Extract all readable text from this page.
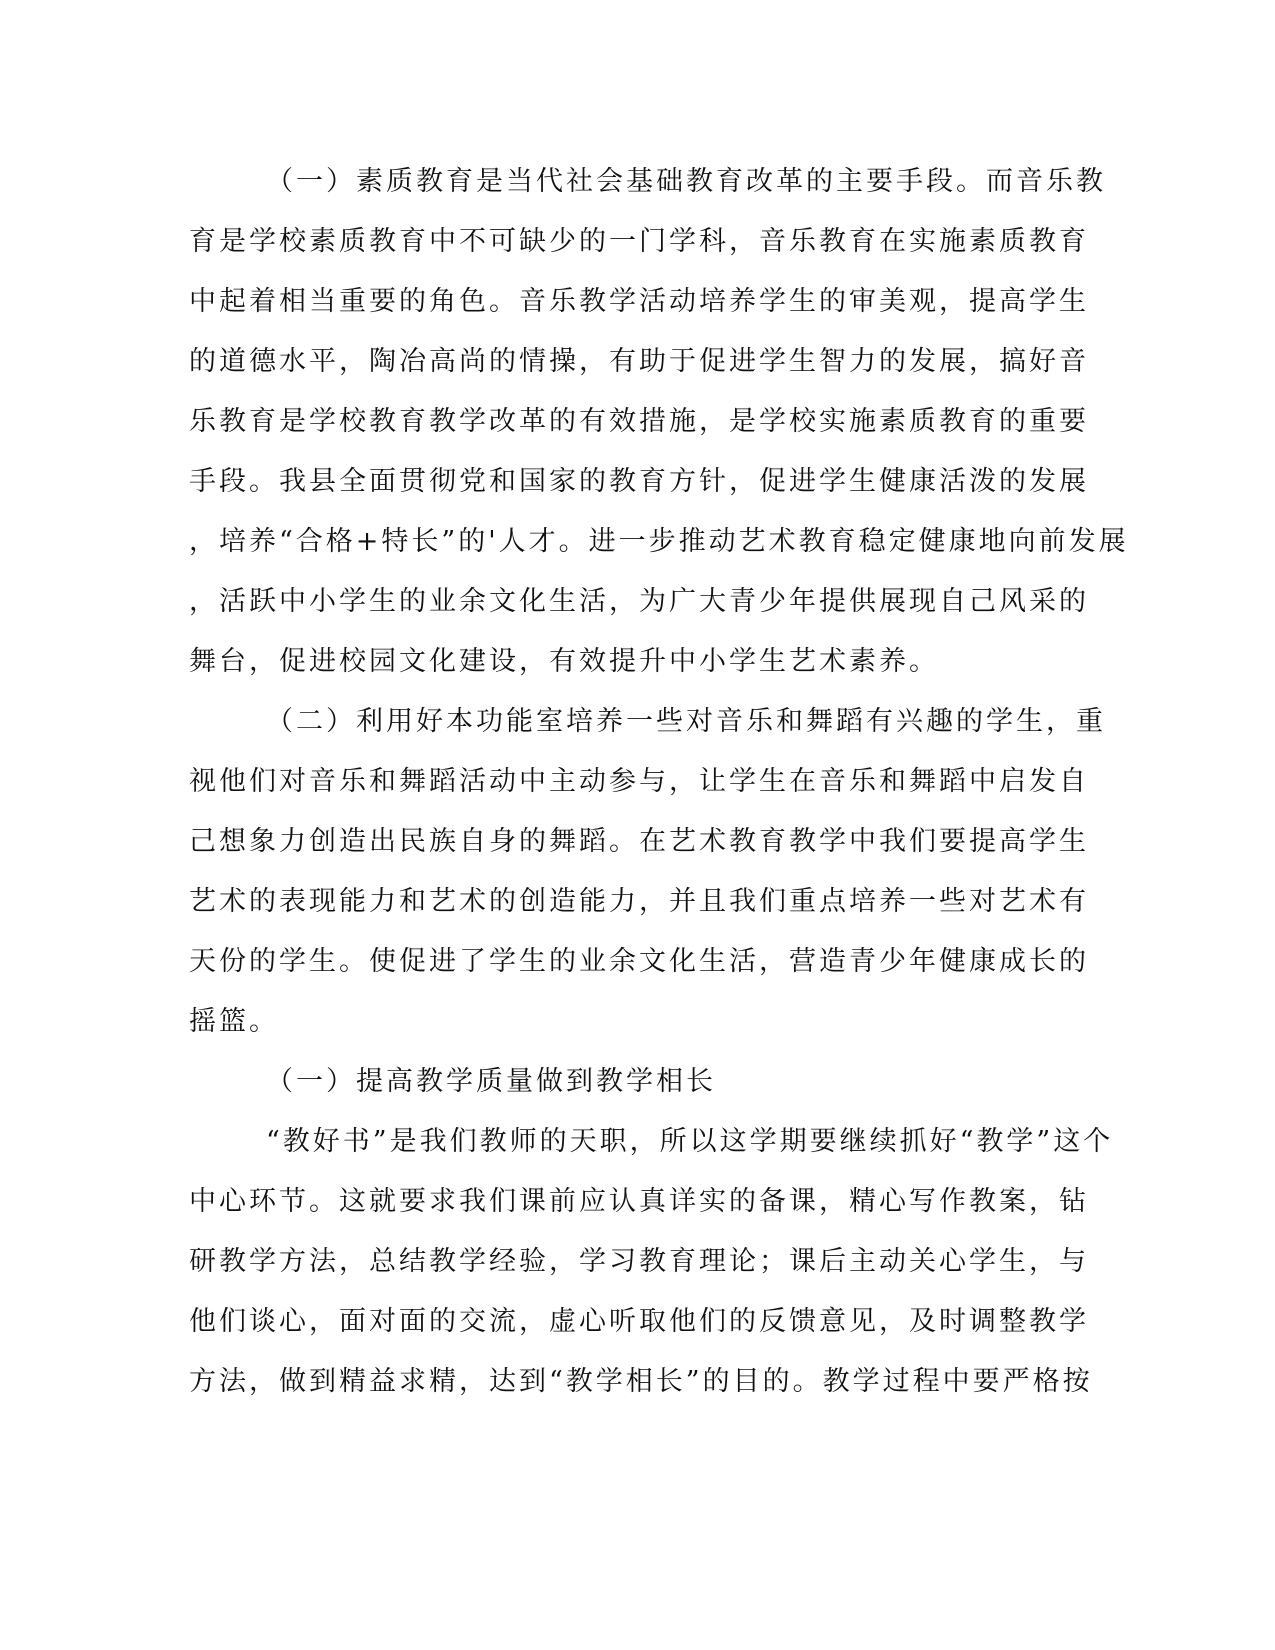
（一）素质教育是当代社会基础教育改革的主要手段。而音乐教

育是学校素质教育中不可缺少的一门学科，音乐教育在实施素质教育

中起着相当重要的角色。音乐教学活动培养学生的审美观，提高学生

的道德水平，陶冶高尚的情操，有助于促进学生智力的发展，搞好音

乐教育是学校教育教学改革的有效措施，是学校实施素质教育的重要

手段。我县全面贯彻党和国家的教育方针，促进学生健康活泼的发展

，培养“合格+特长”的'人才。进一步推动艺术教育稳定健康地向前发展

，活跃中小学生的业余文化生活，为广大青少年提供展现自己风采的

舞台，促进校园文化建设，有效提升中小学生艺术素养。

（二）利用好本功能室培养一些对音乐和舞蹈有兴趣的学生，重

视他们对音乐和舞蹈活动中主动参与，让学生在音乐和舞蹈中启发自

己想象力创造出民族自身的舞蹈。在艺术教育教学中我们要提高学生

艺术的表现能力和艺术的创造能力，并且我们重点培养一些对艺术有

天份的学生。使促进了学生的业余文化生活，营造青少年健康成长的

摇篮。

（一）提高教学质量做到教学相长

“教好书”是我们教师的天职，所以这学期要继续抓好“教学”这个

中心环节。这就要求我们课前应认真详实的备课，精心写作教案，钻

研教学方法，总结教学经验，学习教育理论；课后主动关心学生，与

他们谈心，面对面的交流，虚心听取他们的反馈意见，及时调整教学

方法，做到精益求精，达到“教学相长”的目的。教学过程中要严格按
